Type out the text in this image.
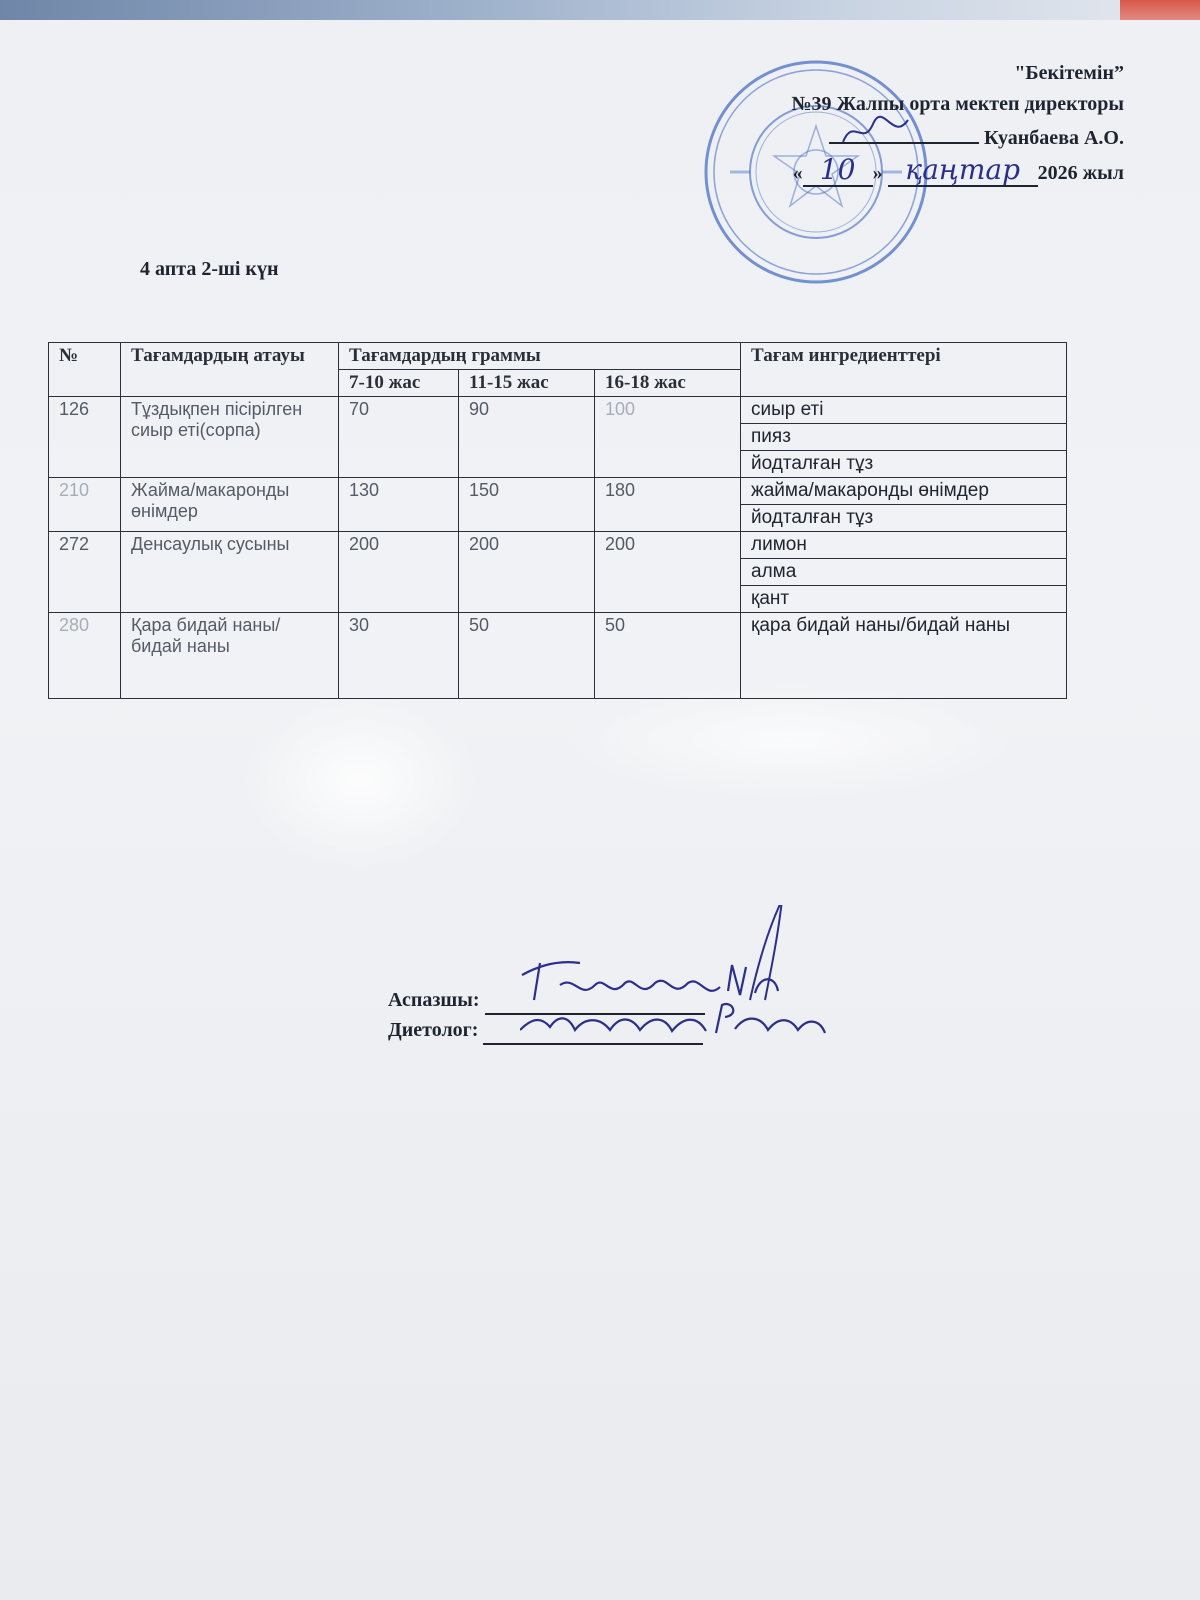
"Бекітемін”
№39 Жалпы орта мектеп директоры
Куанбаева А.О.
« 10 » қаңтар 2026 жыл
4 апта 2-ші күн
№	Тағамдардың атауы	Тағамдардың граммы			Тағам ингредиенттері
		7-10 жас	11-15 жас	16-18 жас	
126	Тұздықпен пісірілген сиыр еті(сорпа)	70	90	100	сиыр еті
					пияз
					йодталған тұз
210	Жайма/макаронды өнімдер	130	150	180	жайма/макаронды өнімдер
					йодталған тұз
272	Денсаулық сусыны	200	200	200	лимон
					алма
					қант
280	Қара бидай наны/бидай наны	30	50	50	қара бидай наны/бидай наны
Аспазшы:
Диетолог:
